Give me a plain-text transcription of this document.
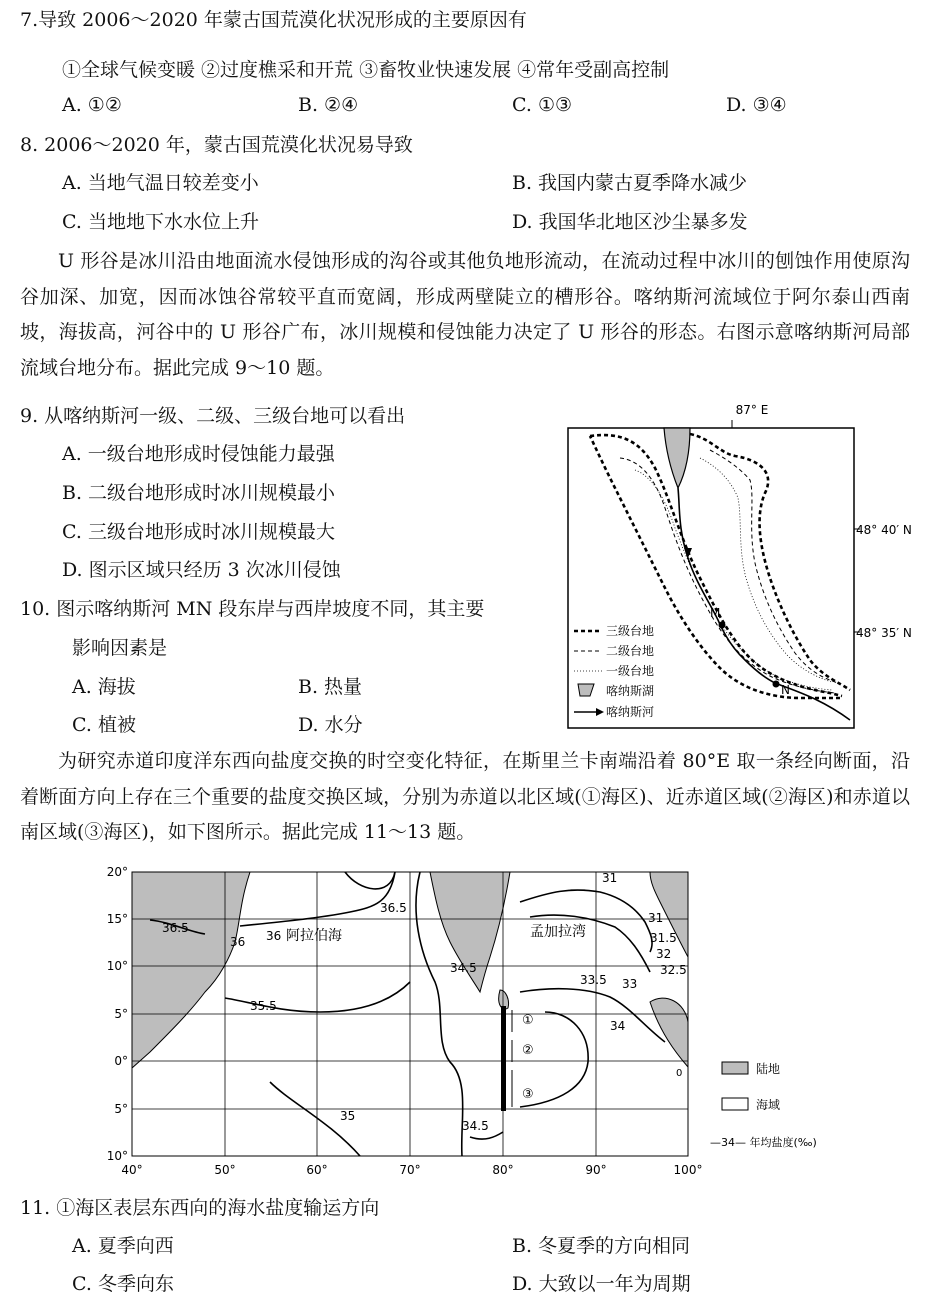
7.导致 2006～2020 年蒙古国荒漠化状况形成的主要原因有
①全球气候变暖 ②过度樵采和开荒 ③畜牧业快速发展 ④常年受副高控制
A. ①②	B. ②④	C. ①③	D. ③④
8. 2006～2020 年，蒙古国荒漠化状况易导致
A. 当地气温日较差变小	B. 我国内蒙古夏季降水减少
C. 当地地下水水位上升	D. 我国华北地区沙尘暴多发

U 形谷是冰川沿由地面流水侵蚀形成的沟谷或其他负地形流动，在流动过程中冰川的刨蚀作用使原沟谷加深、加宽，因而冰蚀谷常较平直而宽阔，形成两壁陡立的槽形谷。喀纳斯河流域位于阿尔泰山西南坡，海拔高，河谷中的 U 形谷广布，冰川规模和侵蚀能力决定了 U 形谷的形态。右图示意喀纳斯河局部流域台地分布。据此完成 9～10 题。

9. 从喀纳斯河一级、二级、三级台地可以看出
A. 一级台地形成时侵蚀能力最强
B. 二级台地形成时冰川规模最小
C. 三级台地形成时冰川规模最大
D. 图示区域只经历 3 次冰川侵蚀
10. 图示喀纳斯河 MN 段东岸与西岸坡度不同，其主要
影响因素是
A. 海拔	B. 热量
C. 植被	D. 水分
87° E
48° 40′ N
48° 35′ N
M
N
三级台地
二级台地
一级台地
喀纳斯湖
喀纳斯河

为研究赤道印度洋东西向盐度交换的时空变化特征，在斯里兰卡南端沿着 80°E 取一条经向断面，沿着断面方向上存在三个重要的盐度交换区域，分别为赤道以北区域(①海区)、近赤道区域(②海区)和赤道以南区域(③海区)，如下图所示。据此完成 11～13 题。

36.5
36.5
36 36
35.5
34.5
35
34.5
31
31
31.5
32
32.5
33
33.5
34
0
阿拉伯海	孟加拉湾
①
②
③
20°
15°
10°
5°
0°
5°
10°
40°	50°	60°	70°	80°	90°	100°
陆地
海域
—34— 年均盐度(‰)
11. ①海区表层东西向的海水盐度输运方向
A. 夏季向西	B. 冬夏季的方向相同
C. 冬季向东	D. 大致以一年为周期
